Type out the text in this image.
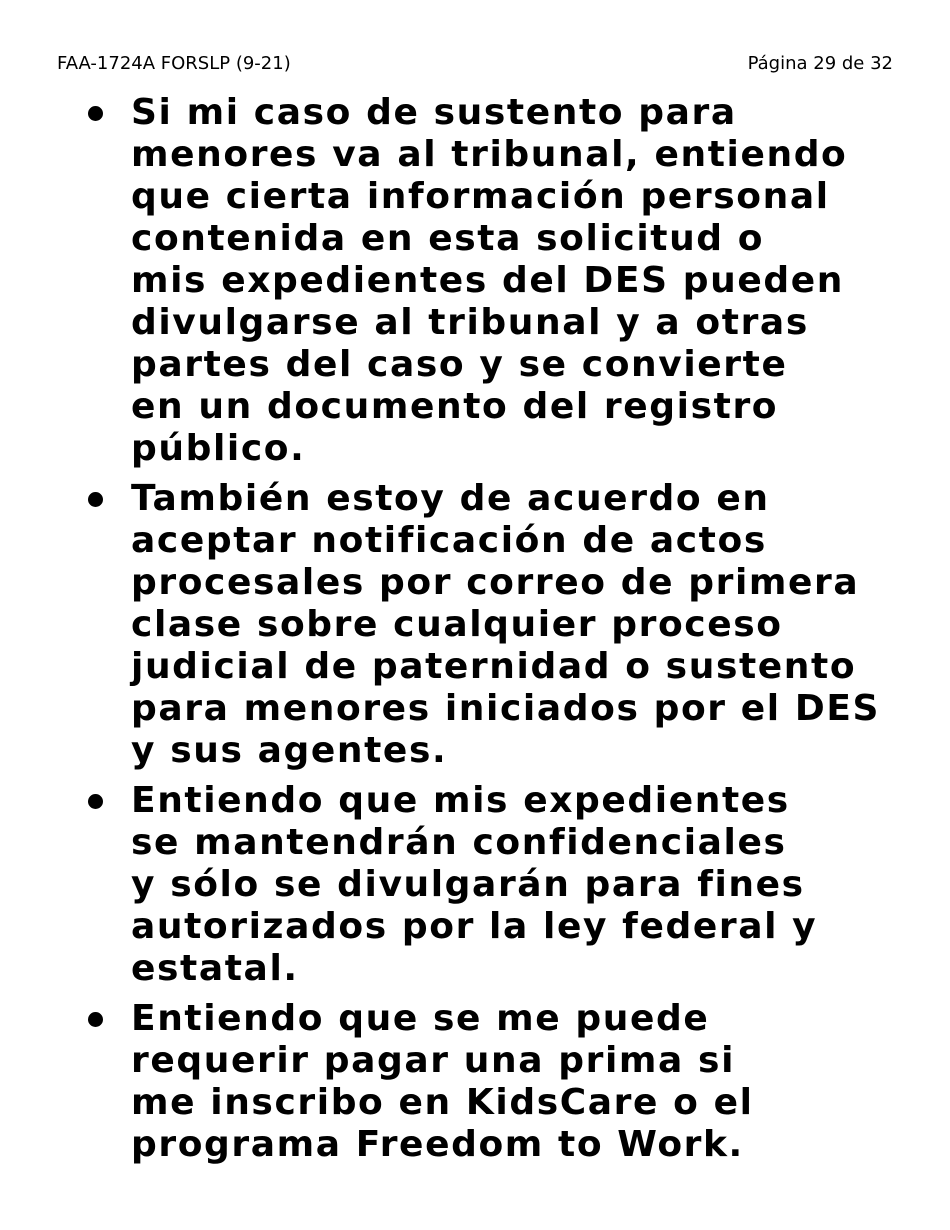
FAA-1724A FORSLP (9-21)	Página 29 de 32
Si mi caso de sustento para
menores va al tribunal, entiendo
que cierta información personal
contenida en esta solicitud o
mis expedientes del DES pueden
divulgarse al tribunal y a otras
partes del caso y se convierte
en un documento del registro
público.
También estoy de acuerdo en
aceptar notificación de actos
procesales por correo de primera
clase sobre cualquier proceso
judicial de paternidad o sustento
para menores iniciados por el DES
y sus agentes.
Entiendo que mis expedientes
se mantendrán confidenciales
y sólo se divulgarán para fines
autorizados por la ley federal y
estatal.
Entiendo que se me puede
requerir pagar una prima si
me inscribo en KidsCare o el
programa Freedom to Work.
